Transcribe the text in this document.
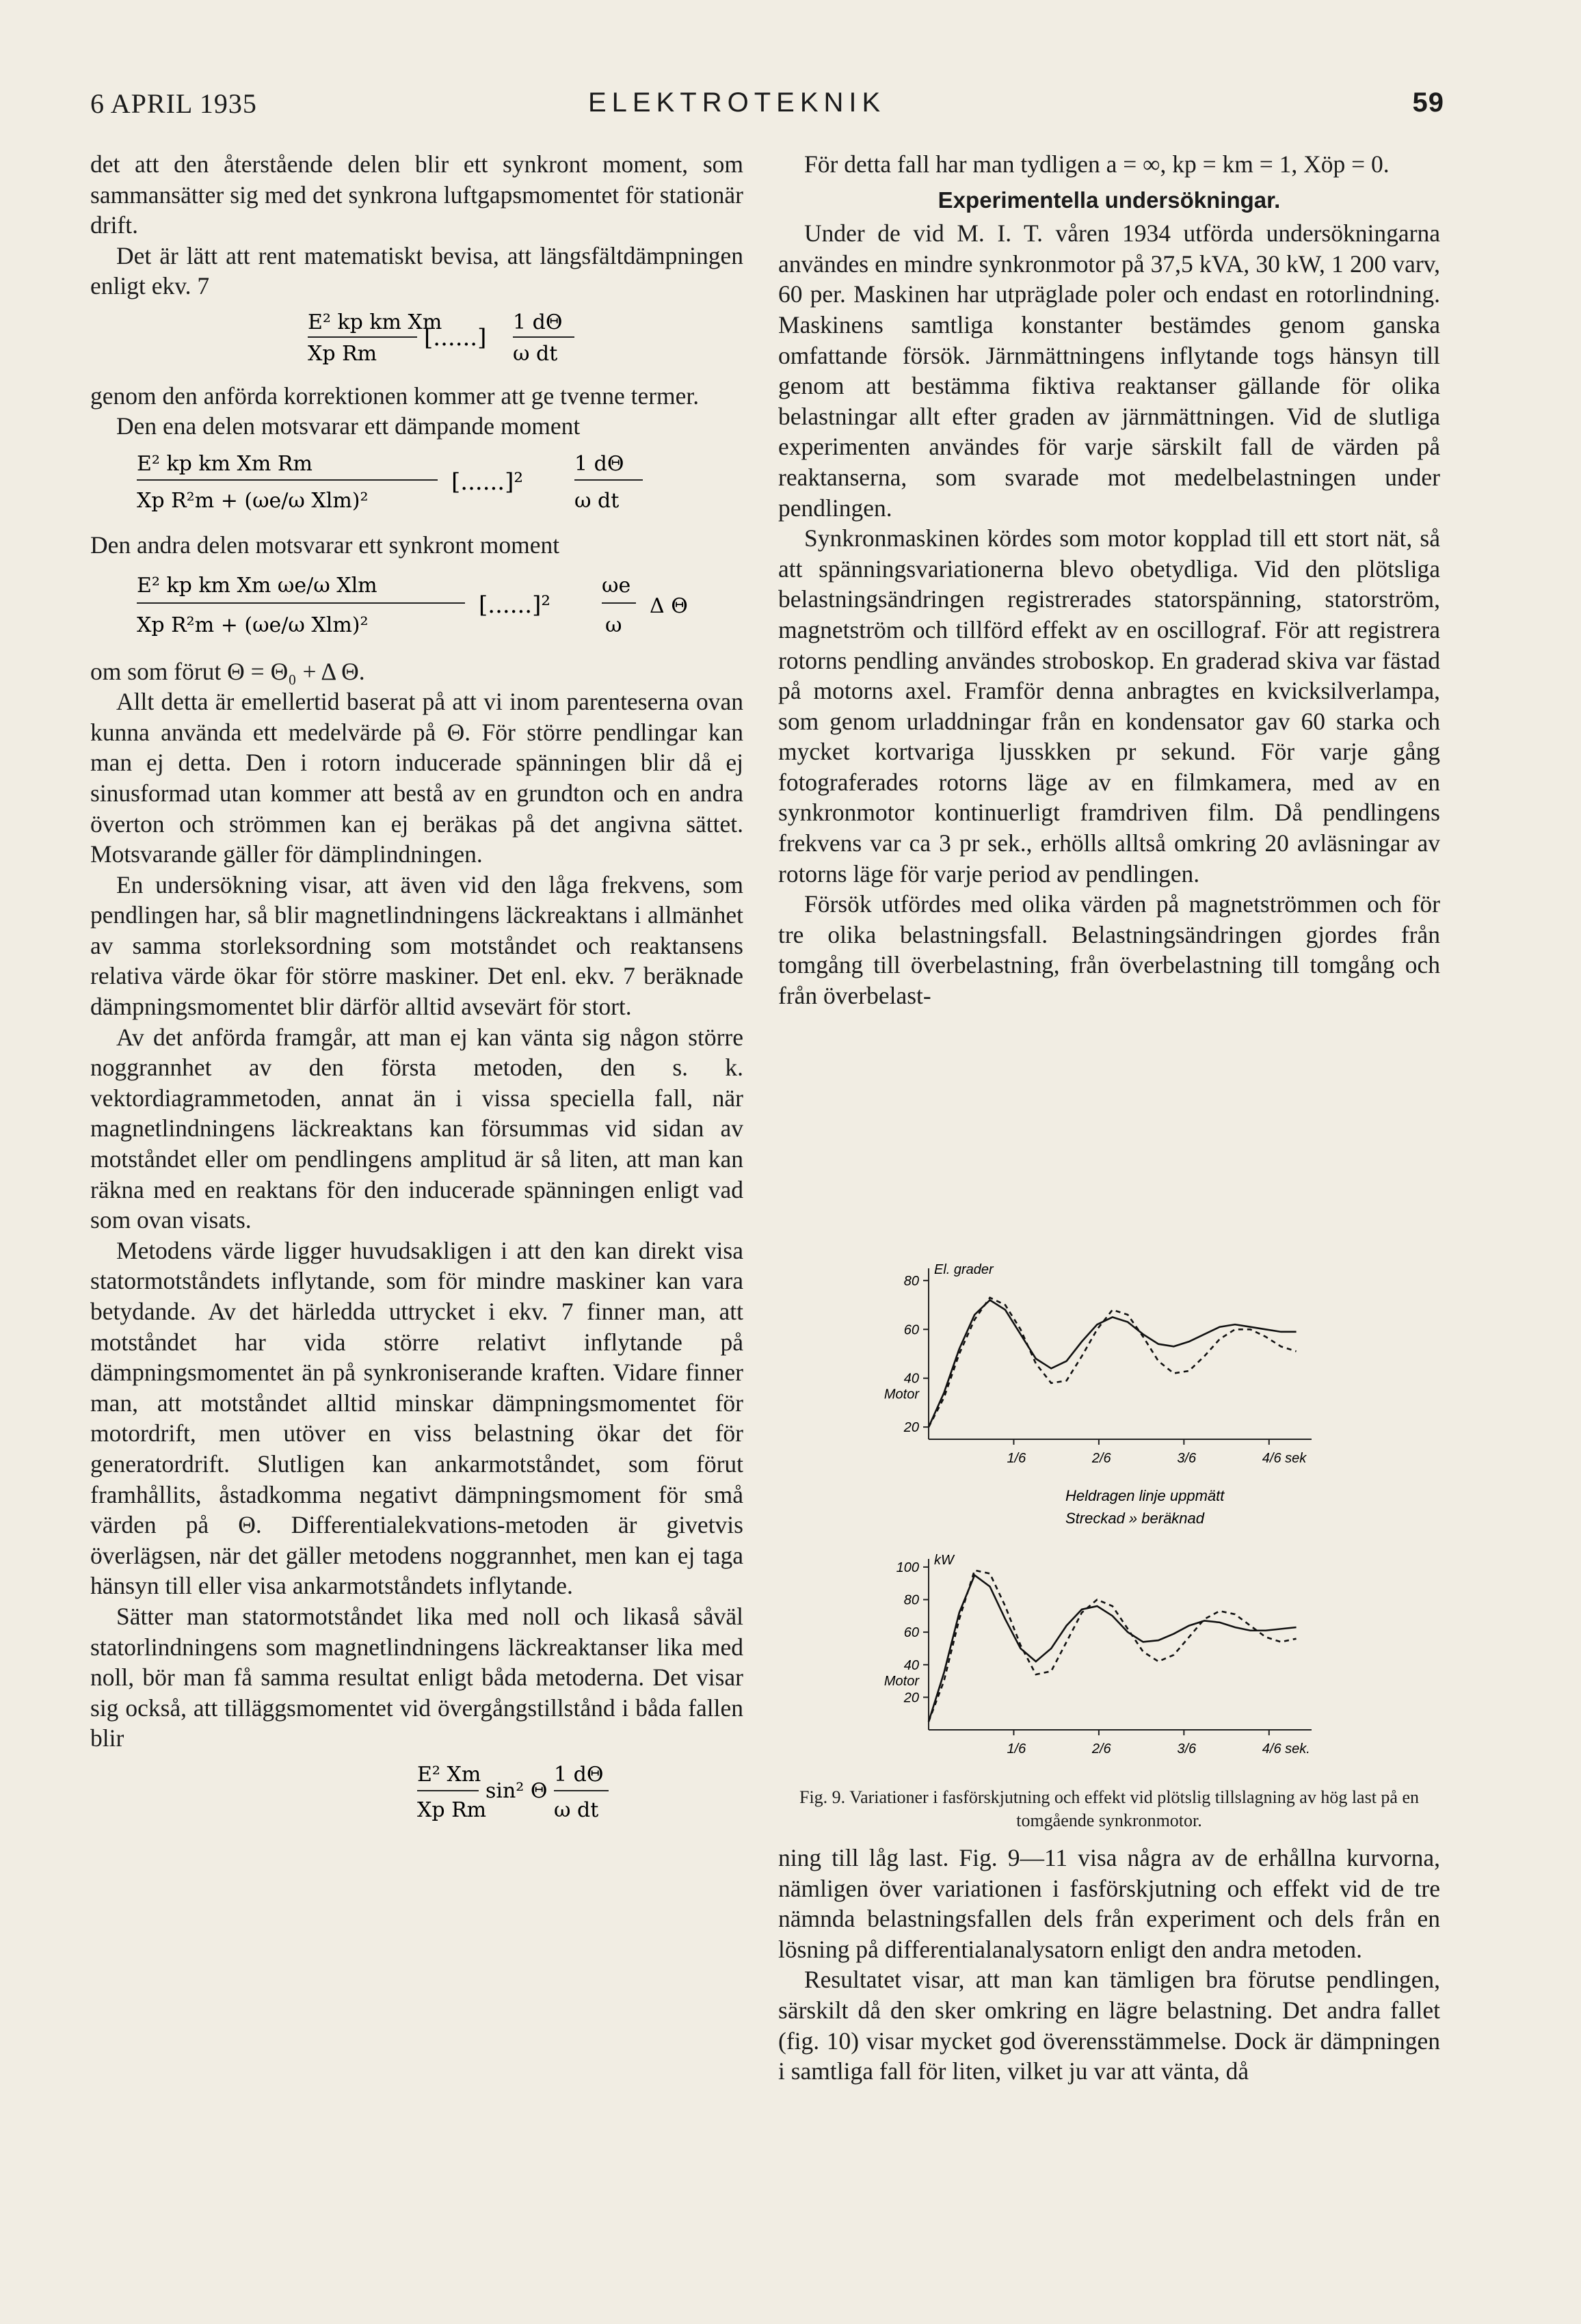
6 APRIL 1935	ELEKTROTEKNIK	59

det att den återstående delen blir ett synkront moment, som sammansätter sig med det synkrona luftgapsmomentet för stationär drift.

Det är lätt att rent matematiskt bevisa, att längsfältdämpningen enligt ekv. 7

E² kp km Xm
Xp Rm
[......]
1 dΘ
ω dt

genom den anförda korrektionen kommer att ge tvenne termer.

Den ena delen motsvarar ett dämpande moment

E² kp km Xm Rm
Xp R²m + (ωe/ω Xlm)²
[......]²
1 dΘ
ω dt

Den andra delen motsvarar ett synkront moment

E² kp km Xm ωe/ω Xlm
Xp R²m + (ωe/ω Xlm)²
[......]²
ωe
ω
Δ Θ

om som förut Θ = Θ₀ + Δ Θ.

Allt detta är emellertid baserat på att vi inom parenteserna ovan kunna använda ett medelvärde på Θ. För större pendlingar kan man ej detta. Den i rotorn inducerade spänningen blir då ej sinusformad utan kommer att bestå av en grundton och en andra överton och strömmen kan ej beräkas på det angivna sättet. Motsvarande gäller för dämplindningen.

En undersökning visar, att även vid den låga frekvens, som pendlingen har, så blir magnetlindningens läckreaktans i allmänhet av samma storleksordning som motståndet och reaktansens relativa värde ökar för större maskiner. Det enl. ekv. 7 beräknade dämpningsmomentet blir därför alltid avsevärt för stort.

Av det anförda framgår, att man ej kan vänta sig någon större noggrannhet av den första metoden, den s. k. vektordiagrammetoden, annat än i vissa speciella fall, när magnetlindningens läckreaktans kan försummas vid sidan av motståndet eller om pendlingens amplitud är så liten, att man kan räkna med en reaktans för den inducerade spänningen enligt vad som ovan visats.

Metodens värde ligger huvudsakligen i att den kan direkt visa statormotståndets inflytande, som för mindre maskiner kan vara betydande. Av det härledda uttrycket i ekv. 7 finner man, att motståndet har vida större relativt inflytande på dämpningsmomentet än på synkroniserande kraften. Vidare finner man, att motståndet alltid minskar dämpningsmomentet för motordrift, men utöver en viss belastning ökar det för generatordrift. Slutligen kan ankarmotståndet, som förut framhållits, åstadkomma negativt dämpningsmoment för små värden på Θ. Differentialekvations-metoden är givetvis överlägsen, när det gäller metodens noggrannhet, men kan ej taga hänsyn till eller visa ankarmotståndets inflytande.

Sätter man statormotståndet lika med noll och likaså såväl statorlindningens som magnetlindningens läckreaktanser lika med noll, bör man få samma resultat enligt båda metoderna. Det visar sig också, att tilläggsmomentet vid övergångstillstånd i båda fallen blir

E² Xm
Xp Rm
sin² Θ
1 dΘ
ω dt

För detta fall har man tydligen a = ∞, kp = km = 1, Xöp = 0.

Experimentella undersökningar.

Under de vid M. I. T. våren 1934 utförda undersökningarna användes en mindre synkronmotor på 37,5 kVA, 30 kW, 1 200 varv, 60 per. Maskinen har utpräglade poler och endast en rotorlindning. Maskinens samtliga konstanter bestämdes genom ganska omfattande försök. Järnmättningens inflytande togs hänsyn till genom att bestämma fiktiva reaktanser gällande för olika belastningar allt efter graden av järnmättningen. Vid de slutliga experimenten användes för varje särskilt fall de värden på reaktanserna, som svarade mot medelbelastningen under pendlingen.

Synkronmaskinen kördes som motor kopplad till ett stort nät, så att spänningsvariationerna blevo obetydliga. Vid den plötsliga belastningsändringen registrerades statorspänning, statorström, magnetström och tillförd effekt av en oscillograf. För att registrera rotorns pendling användes stroboskop. En graderad skiva var fästad på motorns axel. Framför denna anbragtes en kvicksilverlampa, som genom urladdningar från en kondensator gav 60 starka och mycket kortvariga ljusskken pr sekund. För varje gång fotograferades rotorns läge av en filmkamera, med av en synkronmotor kontinuerligt framdriven film. Då pendlingens frekvens var ca 3 pr sek., erhölls alltså omkring 20 avläsningar av rotorns läge för varje period av pendlingen.

Försök utfördes med olika värden på magnetströmmen och för tre olika belastningsfall. Belastningsändringen gjordes från tomgång till överbelastning, från överbelastning till tomgång och från överbelast-

El. grader
80
60
40
20
Motor
1/6	2/6	3/6	4/6 sek
Heldragen linje uppmätt
Streckad » beräknad
kW
100
80
60
40
20
Motor
1/6	2/6	3/6	4/6 sek.
Fig. 9. Variationer i fasförskjutning och effekt vid plötslig tillslagning av hög last på en tomgående synkronmotor.

ning till låg last. Fig. 9—11 visa några av de erhållna kurvorna, nämligen över variationen i fasförskjutning och effekt vid de tre nämnda belastningsfallen dels från experiment och dels från en lösning på differentialanalysatorn enligt den andra metoden.

Resultatet visar, att man kan tämligen bra förutse pendlingen, särskilt då den sker omkring en lägre belastning. Det andra fallet (fig. 10) visar mycket god överensstämmelse. Dock är dämpningen i samtliga fall för liten, vilket ju var att vänta, då
